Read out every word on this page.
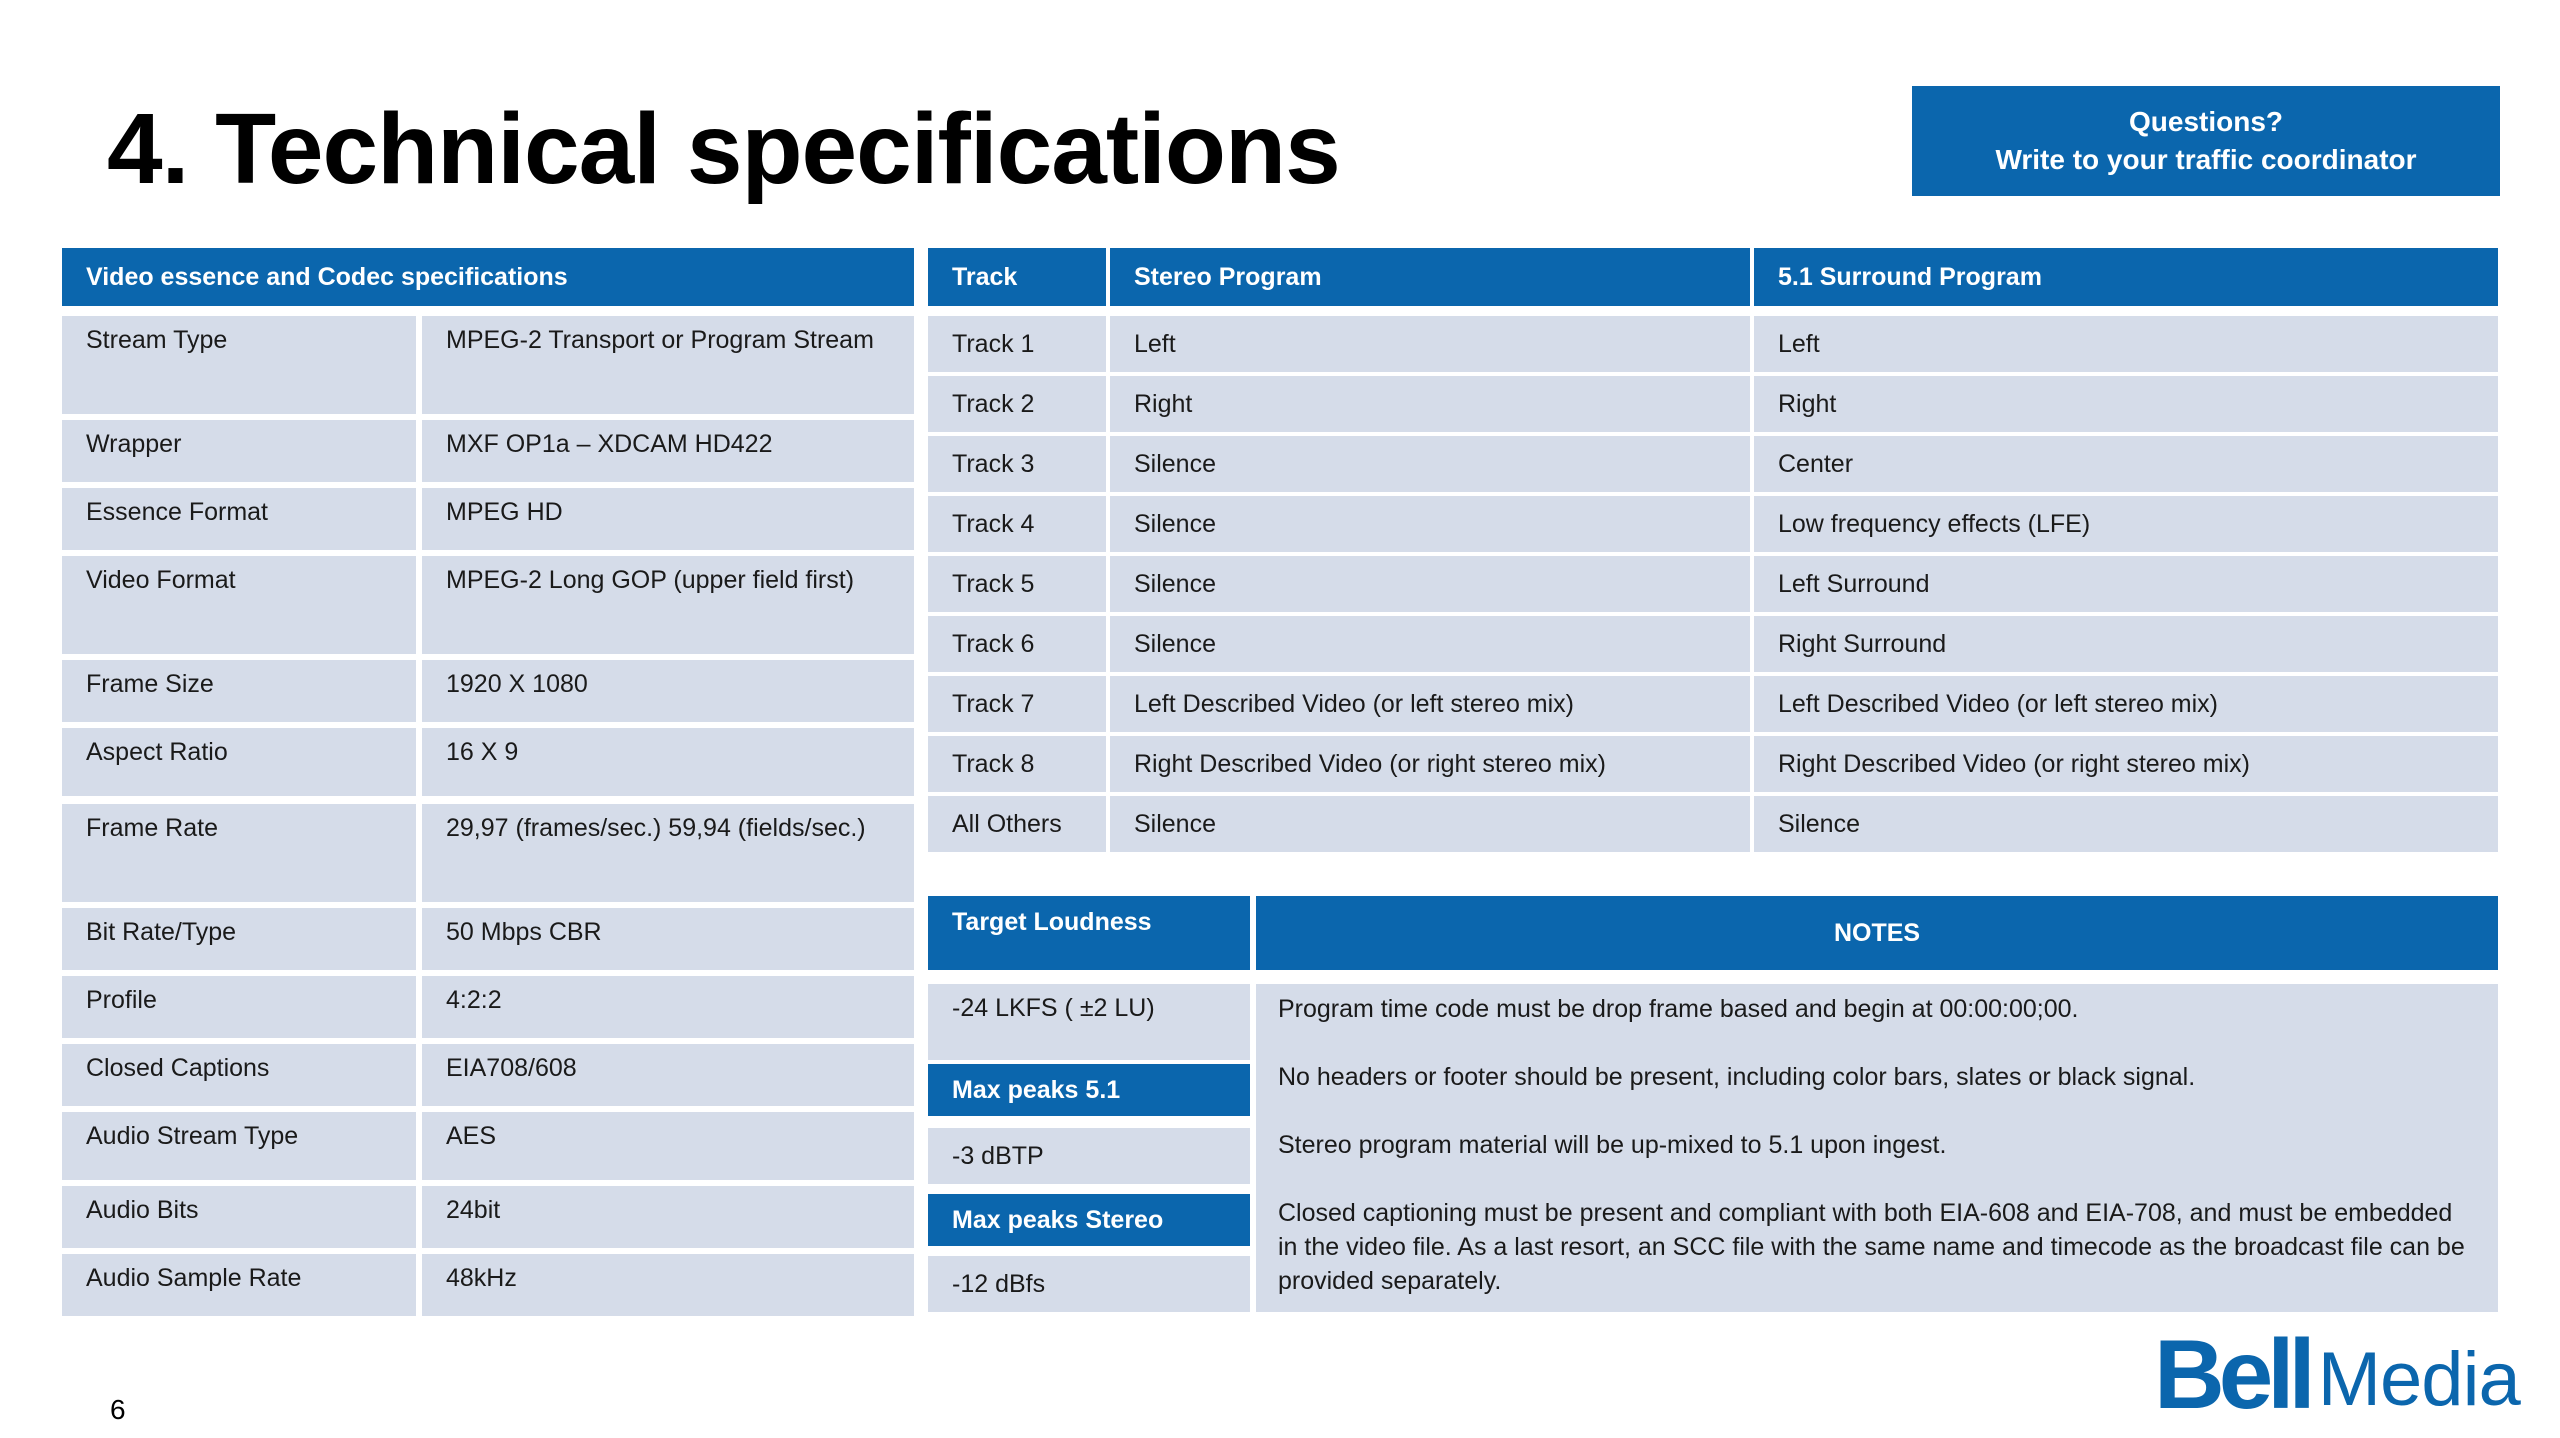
4. Technical specifications	Questions?
Write to your traffic coordinator
Video essence and Codec specifications
Stream Type	MPEG-2 Transport or Program Stream
Wrapper	MXF OP1a – XDCAM HD422
Essence Format	MPEG HD
Video Format	MPEG-2 Long GOP (upper field first)
Frame Size	1920 X 1080
Aspect Ratio	16 X 9
Frame Rate	29,97 (frames/sec.) 59,94 (fields/sec.)
Bit Rate/Type	50 Mbps CBR
Profile	4:2:2
Closed Captions	EIA708/608
Audio Stream Type	AES
Audio Bits	24bit
Audio Sample Rate	48kHz
Track	Stereo Program	5.1 Surround Program
Track 1	Left	Left
Track 2	Right	Right
Track 3	Silence	Center
Track 4	Silence	Low frequency effects (LFE)
Track 5	Silence	Left Surround
Track 6	Silence	Right Surround
Track 7	Left Described Video (or left stereo mix)	Left Described Video (or left stereo mix)
Track 8	Right Described Video (or right stereo mix)	Right Described Video (or right stereo mix)
All Others	Silence	Silence
Target Loudness
-24 LKFS ( ±2 LU)
Max peaks 5.1
-3 dBTP
Max peaks Stereo
-12 dBfs
NOTES

Program time code must be drop frame based and begin at 00:00:00;00.

No headers or footer should be present, including color bars, slates or black signal.

Stereo program material will be up-mixed to 5.1 upon ingest.

Closed captioning must be present and compliant with both EIA-608 and EIA-708, and must be embedded in the video file. As a last resort, an SCC file with the same name and timecode as the broadcast file can be provided separately.

6	Bell Media
